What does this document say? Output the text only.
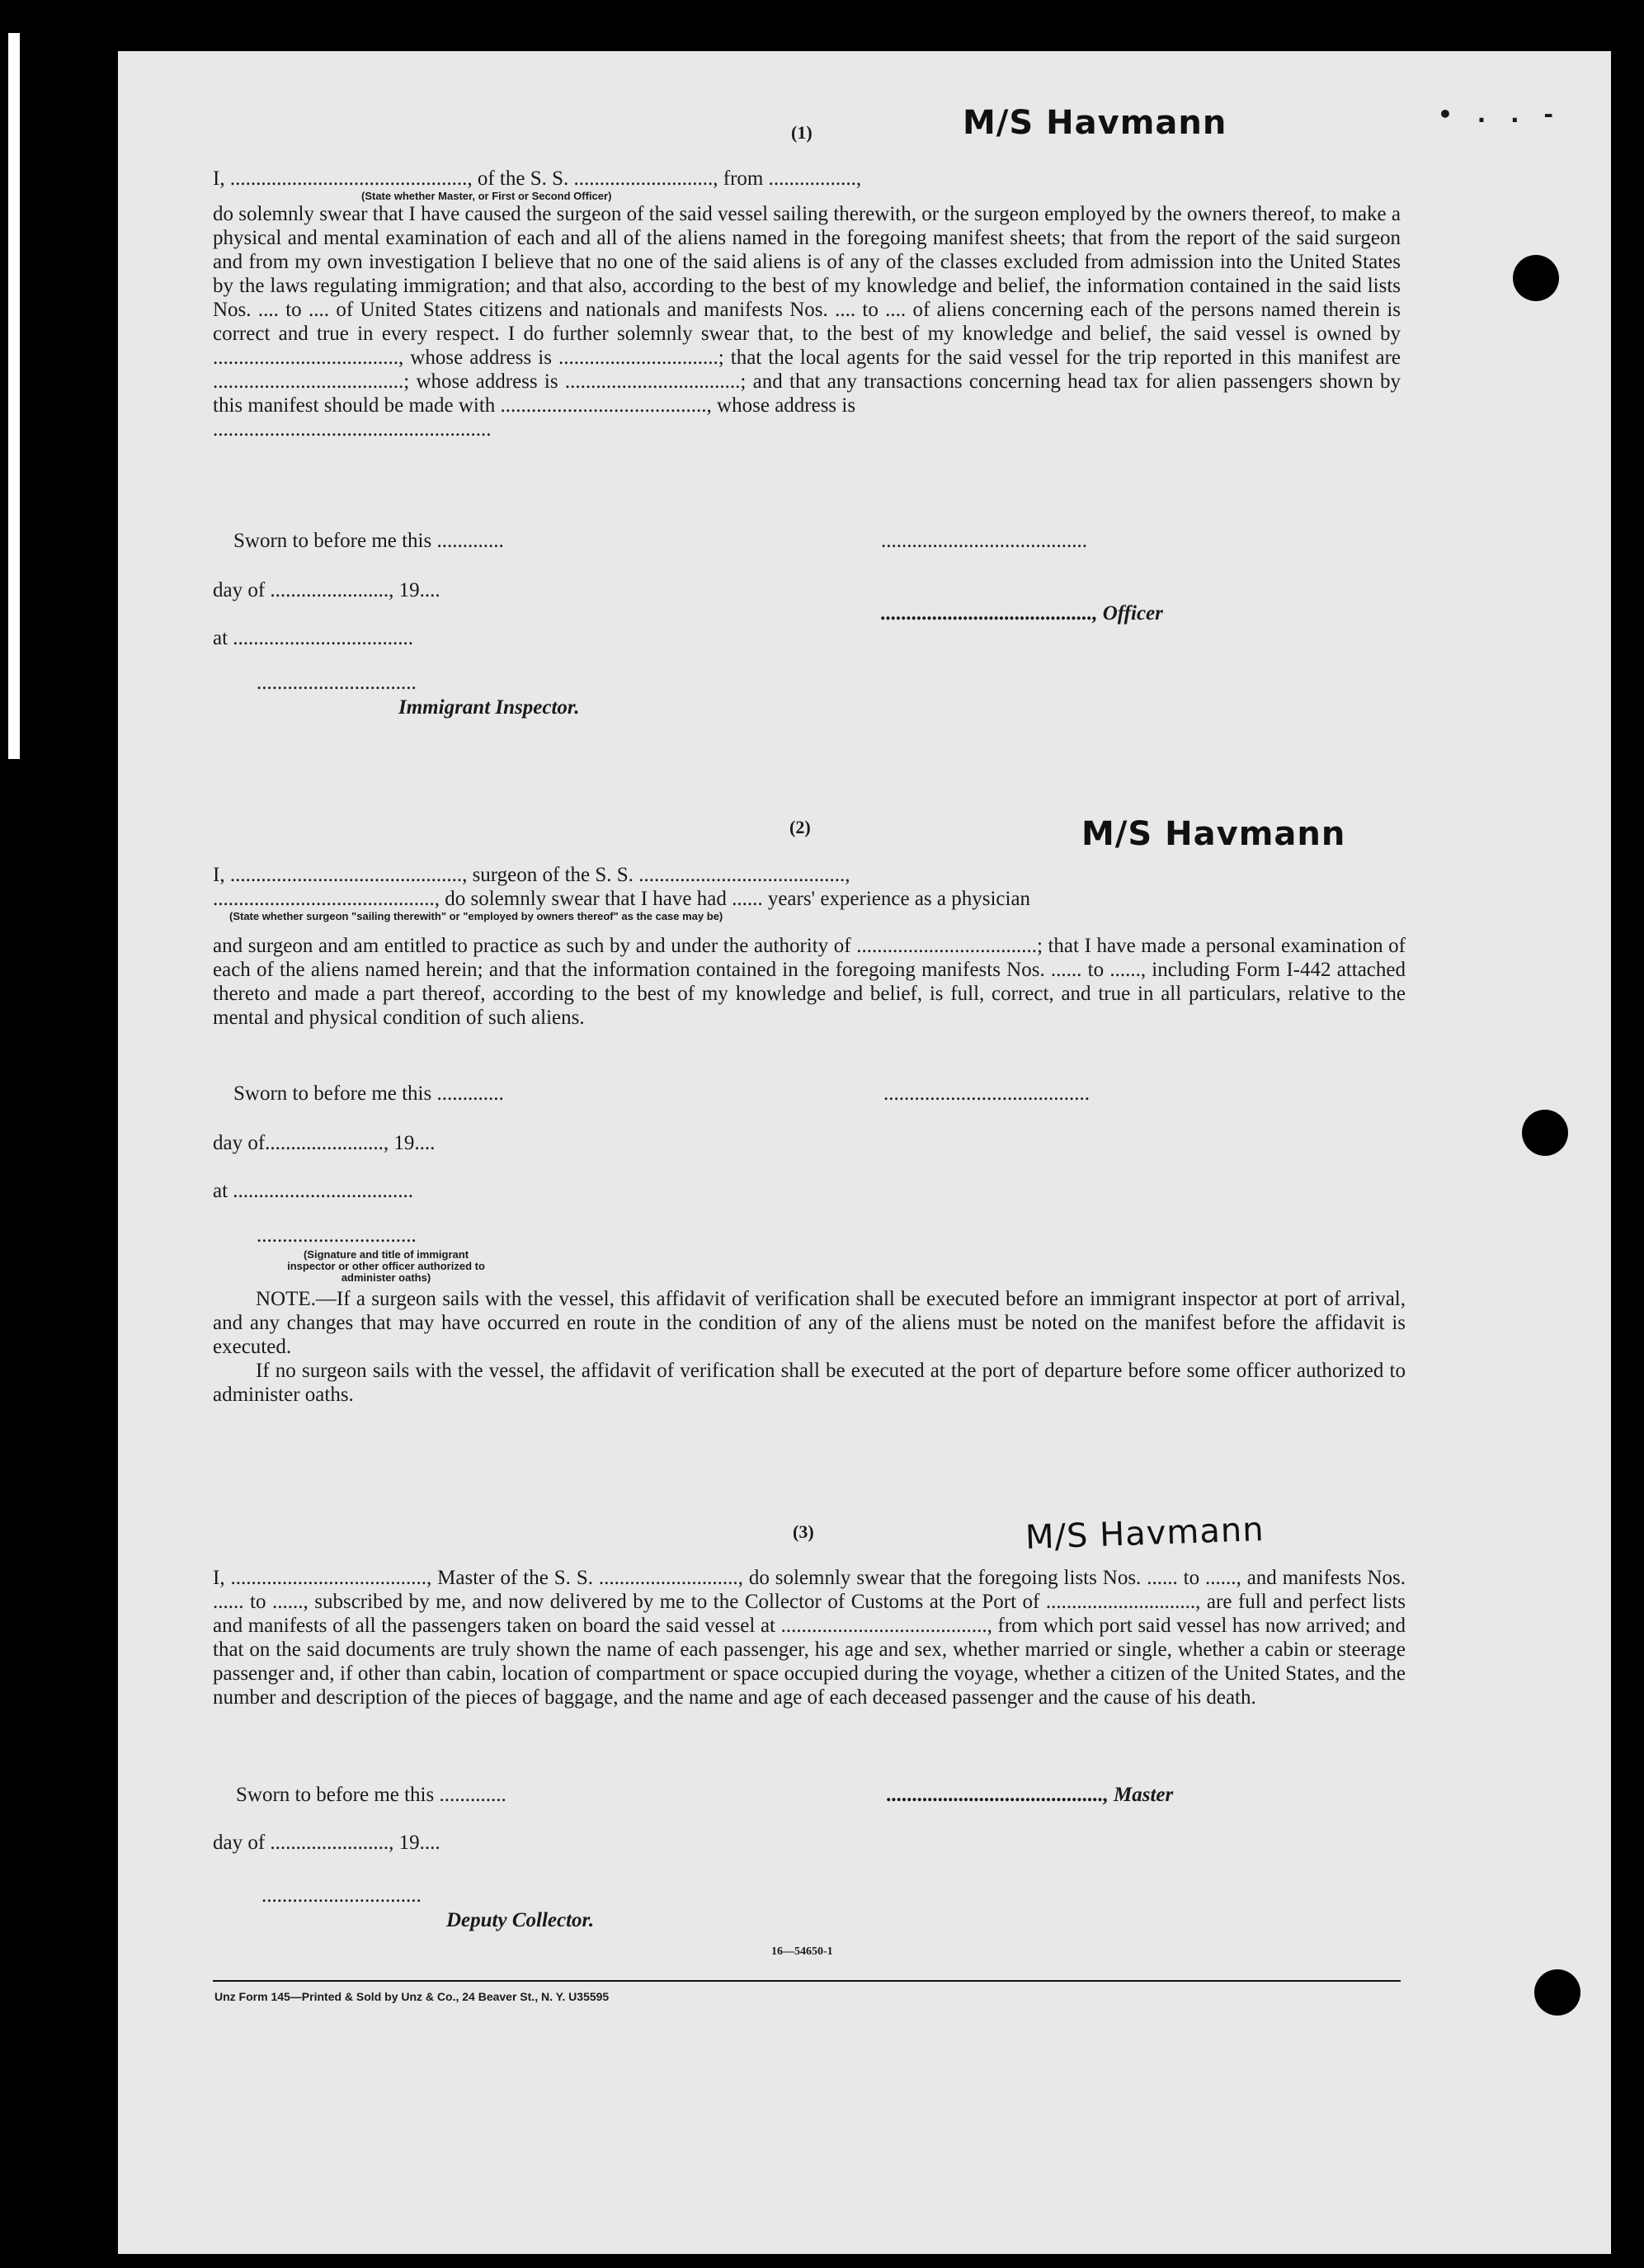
(1)	M/S Havmann	• . . -

I, .............................................., of the S. S. ..........................., from .................,

(State whether Master, or First or Second Officer)

do solemnly swear that I have caused the surgeon of the said vessel sailing therewith, or the surgeon employed by the owners thereof, to make a physical and mental examination of each and all of the aliens named in the foregoing manifest sheets; that from the report of the said surgeon and from my own investigation I believe that no one of the said aliens is of any of the classes excluded from admission into the United States by the laws regulating immigration; and that also, according to the best of my knowledge and belief, the information contained in the said lists Nos. .... to .... of United States citizens and nationals and manifests Nos. .... to .... of aliens concerning each of the persons named therein is correct and true in every respect. I do further solemnly swear that, to the best of my knowledge and belief, the said vessel is owned by ...................................., whose address is ...............................; that the local agents for the said vessel for the trip reported in this manifest are .....................................; whose address is ..................................; and that any transactions concerning head tax for alien passengers shown by this manifest should be made with ........................................, whose address is

......................................................

Sworn to before me this .............	........................................
day of ......................., 19....
........................................., Officer
at ...................................
...............................
Immigrant Inspector.
(2)	M/S Havmann

I, ............................................., surgeon of the S. S. ........................................,

..........................................., do solemnly swear that I have had ...... years' experience as a physician

(State whether surgeon "sailing therewith" or "employed by owners thereof" as the case may be)

and surgeon and am entitled to practice as such by and under the authority of ...................................; that I have made a personal examination of each of the aliens named herein; and that the information contained in the foregoing manifests Nos. ...... to ......, including Form I-442 attached thereto and made a part thereof, according to the best of my knowledge and belief, is full, correct, and true in all particulars, relative to the mental and physical condition of such aliens.

Sworn to before me this .............	........................................
day of......................., 19....
at ...................................
...............................
(Signature and title of immigrant inspector or other officer authorized to administer oaths)

NOTE.—If a surgeon sails with the vessel, this affidavit of verification shall be executed before an immigrant inspector at port of arrival, and any changes that may have occurred en route in the condition of any of the aliens must be noted on the manifest before the affidavit is executed.

If no surgeon sails with the vessel, the affidavit of verification shall be executed at the port of departure before some officer authorized to administer oaths.

(3)	M/S Havmann

I, ......................................, Master of the S. S. ..........................., do solemnly swear that the foregoing lists Nos. ...... to ......, and manifests Nos. ...... to ......, subscribed by me, and now delivered by me to the Collector of Customs at the Port of ............................., are full and perfect lists and manifests of all the passengers taken on board the said vessel at ........................................, from which port said vessel has now arrived; and that on the said documents are truly shown the name of each passenger, his age and sex, whether married or single, whether a cabin or steerage passenger and, if other than cabin, location of compartment or space occupied during the voyage, whether a citizen of the United States, and the number and description of the pieces of baggage, and the name and age of each deceased passenger and the cause of his death.

Sworn to before me this .............	.........................................., Master
day of ......................., 19....
...............................
Deputy Collector.
16—54650-1
Unz Form 145—Printed & Sold by Unz & Co., 24 Beaver St., N. Y. U35595
